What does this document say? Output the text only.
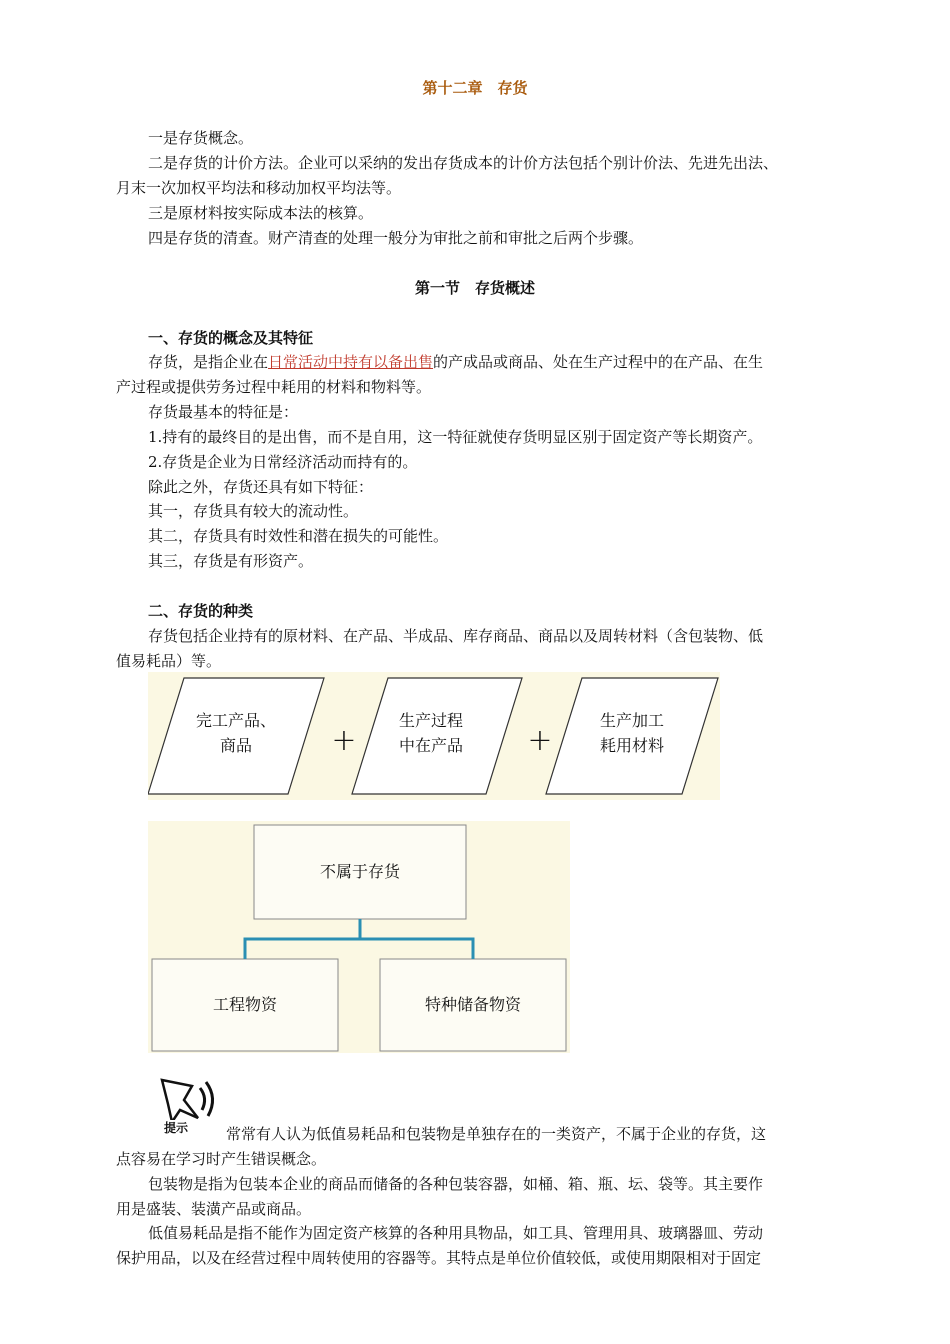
第十二章　存货
一是存货概念。
二是存货的计价方法。企业可以采纳的发出存货成本的计价方法包括个别计价法、先进先出法、
月末一次加权平均法和移动加权平均法等。
三是原材料按实际成本法的核算。
四是存货的清查。财产清查的处理一般分为审批之前和审批之后两个步骤。
第一节　存货概述
一、存货的概念及其特征
存货，是指企业在日常活动中持有以备出售的产成品或商品、处在生产过程中的在产品、在生
产过程或提供劳务过程中耗用的材料和物料等。
存货最基本的特征是：
1.持有的最终目的是出售，而不是自用，这一特征就使存货明显区别于固定资产等长期资产。
2.存货是企业为日常经济活动而持有的。
除此之外，存货还具有如下特征：
其一，存货具有较大的流动性。
其二，存货具有时效性和潜在损失的可能性。
其三，存货是有形资产。
二、存货的种类
存货包括企业持有的原材料、在产品、半成品、库存商品、商品以及周转材料（含包装物、低
值易耗品）等。
完工产品、
商品
生产过程
中在产品
生产加工
耗用材料
+	+
不属于存货
工程物资	特种储备物资
提示	常常有人认为低值易耗品和包装物是单独存在的一类资产，不属于企业的存货，这
点容易在学习时产生错误概念。
包装物是指为包装本企业的商品而储备的各种包装容器，如桶、箱、瓶、坛、袋等。其主要作
用是盛装、装潢产品或商品。
低值易耗品是指不能作为固定资产核算的各种用具物品，如工具、管理用具、玻璃器皿、劳动
保护用品，以及在经营过程中周转使用的容器等。其特点是单位价值较低，或使用期限相对于固定
